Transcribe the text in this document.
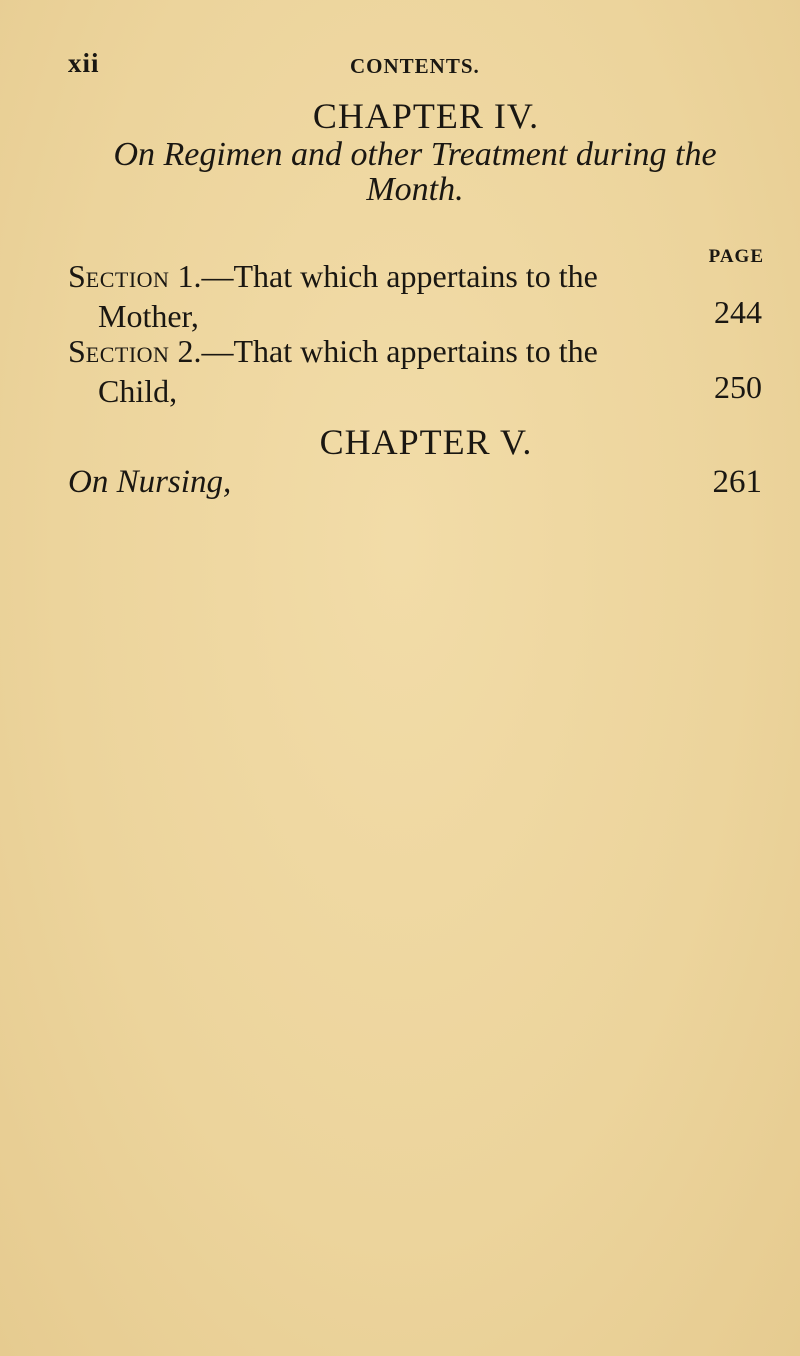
xii	CONTENTS.
CHAPTER IV.
On Regimen and other Treatment during the
Month.
PAGE
SECTION 1.—That which appertains to the
Mother,	244
SECTION 2.—That which appertains to the
Child,	250
CHAPTER V.
On Nursing,	261
